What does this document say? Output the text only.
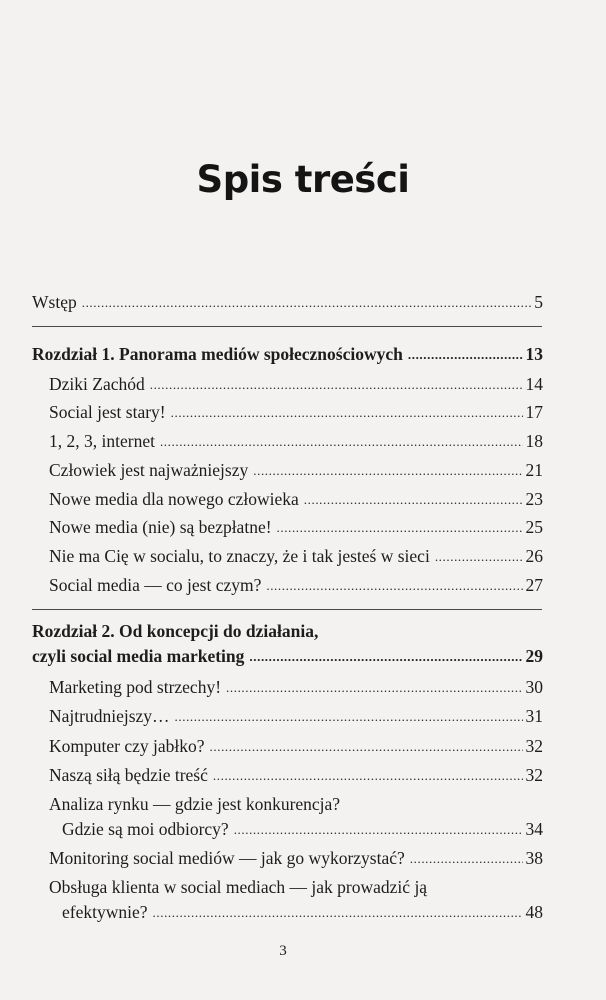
Spis treści
Wstęp .....	5
Rozdział 1. Panorama mediów społecznościowych .....	13
Dziki Zachód .....	14
Social jest stary! .....	17
1, 2, 3, internet .....	18
Człowiek jest najważniejszy .....	21
Nowe media dla nowego człowieka .....	23
Nowe media (nie) są bezpłatne! .....	25
Nie ma Cię w socialu, to znaczy, że i tak jesteś w sieci .....	26
Social media — co jest czym? .....	27
Rozdział 2. Od koncepcji do działania,
czyli social media marketing .....	29
Marketing pod strzechy! .....	30
Najtrudniejszy… .....	31
Komputer czy jabłko? .....	32
Naszą siłą będzie treść .....	32
Analiza rynku — gdzie jest konkurencja?
Gdzie są moi odbiorcy? .....	34
Monitoring social mediów — jak go wykorzystać? .....	38
Obsługa klienta w social mediach — jak prowadzić ją
efektywnie? .....	48
3
